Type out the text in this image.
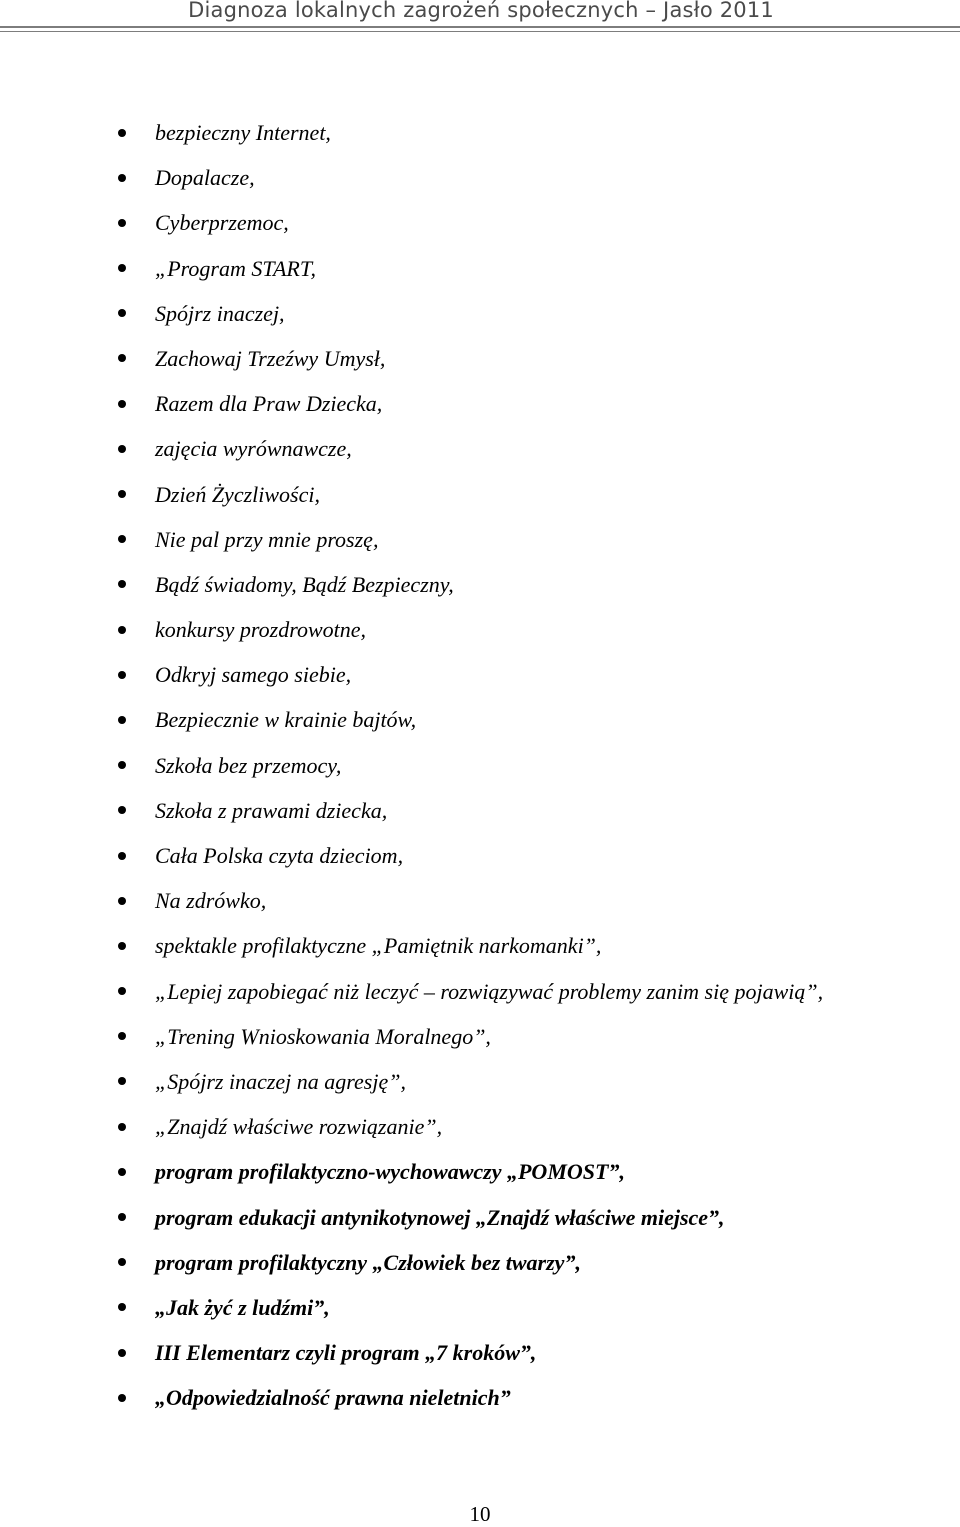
Diagnoza lokalnych zagrożeń społecznych – Jasło 2011
bezpieczny Internet,
Dopalacze,
Cyberprzemoc,
„Program START,
Spójrz inaczej,
Zachowaj Trzeźwy Umysł,
Razem dla Praw Dziecka,
zajęcia wyrównawcze,
Dzień Życzliwości,
Nie pal przy mnie proszę,
Bądź świadomy, Bądź Bezpieczny,
konkursy prozdrowotne,
Odkryj samego siebie,
Bezpiecznie w krainie bajtów,
Szkoła bez przemocy,
Szkoła z prawami dziecka,
Cała Polska czyta dzieciom,
Na zdrówko,
spektakle profilaktyczne „Pamiętnik narkomanki”,
„Lepiej zapobiegać niż leczyć – rozwiązywać problemy zanim się pojawią”,
„Trening Wnioskowania Moralnego”,
„Spójrz inaczej na agresję”,
„Znajdź właściwe rozwiązanie”,
program profilaktyczno-wychowawczy „POMOST”,
program edukacji antynikotynowej „Znajdź właściwe miejsce”,
program profilaktyczny „Człowiek bez twarzy”,
„Jak żyć z ludźmi”,
III Elementarz czyli program „7 kroków”,
„Odpowiedzialność prawna nieletnich”
10
